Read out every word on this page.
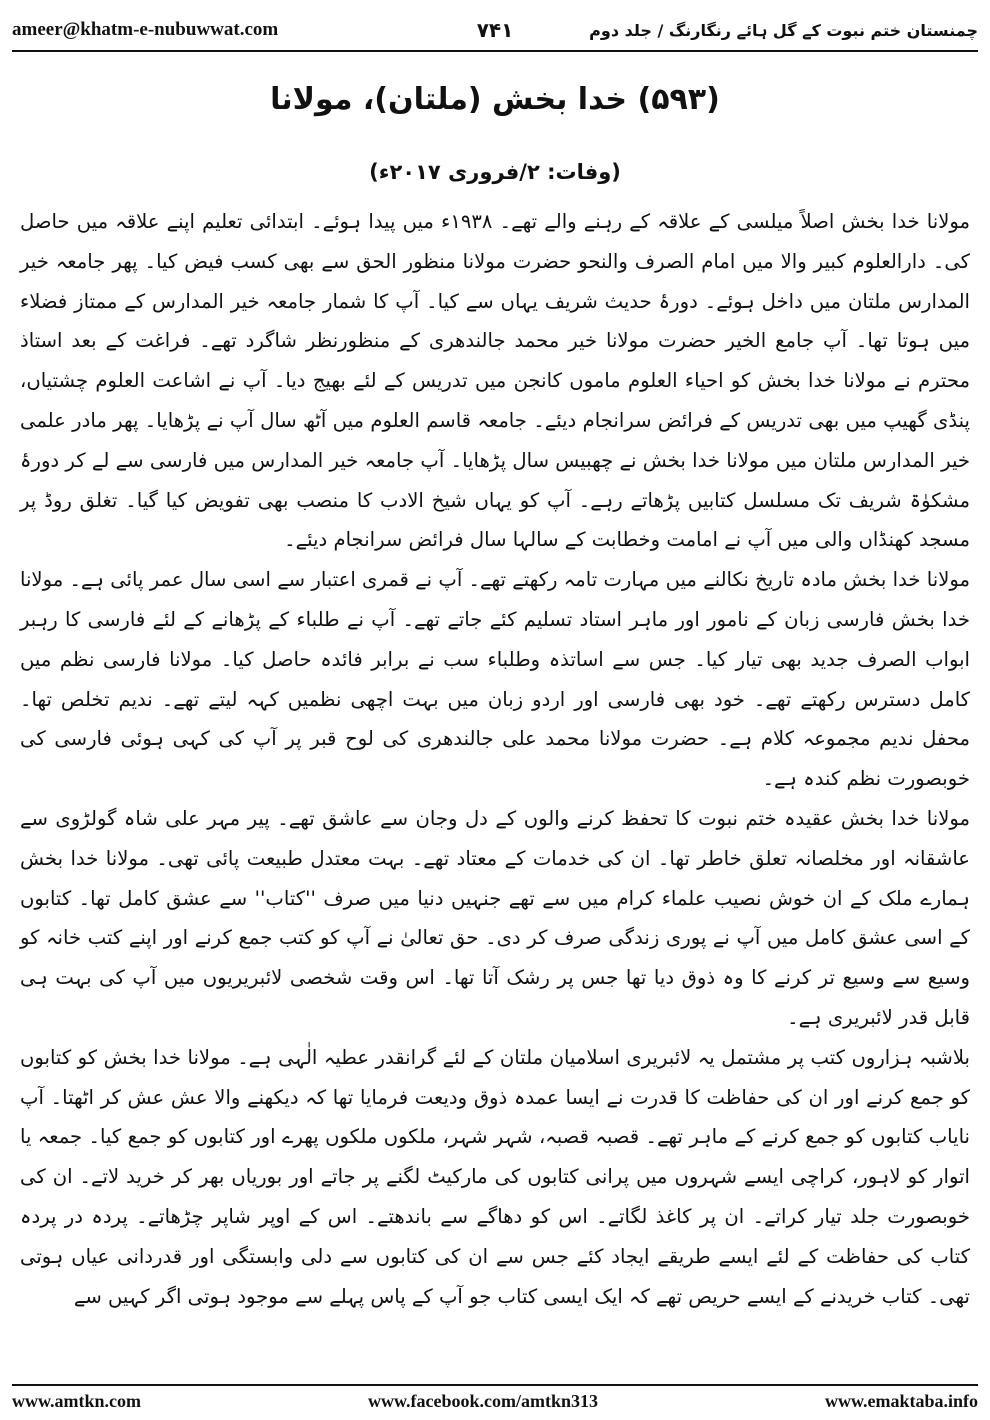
ameer@khatm-e-nubuwwat.com	۷۴۱	چمنستان ختم نبوت کے گل ہائے رنگارنگ / جلد دوم
(۵۹۳) خدا بخش (ملتان)، مولانا
(وفات: ۲/فروری ۲۰۱۷ء)

مولانا خدا بخش اصلاً میلسی کے علاقہ کے رہنے والے تھے۔ ۱۹۳۸ء میں پیدا ہوئے۔ ابتدائی تعلیم اپنے علاقہ میں حاصل کی۔ دارالعلوم کبیر والا میں امام الصرف والنحو حضرت مولانا منظور الحق سے بھی کسب فیض کیا۔ پھر جامعہ خیر المدارس ملتان میں داخل ہوئے۔ دورۂ حدیث شریف یہاں سے کیا۔ آپ کا شمار جامعہ خیر المدارس کے ممتاز فضلاء میں ہوتا تھا۔ آپ جامع الخیر حضرت مولانا خیر محمد جالندھری کے منظورنظر شاگرد تھے۔ فراغت کے بعد استاذ محترم نے مولانا خدا بخش کو احیاء العلوم ماموں کانجن میں تدریس کے لئے بھیج دیا۔ آپ نے اشاعت العلوم چشتیاں، پنڈی گھیپ میں بھی تدریس کے فرائض سرانجام دیئے۔ جامعہ قاسم العلوم میں آٹھ سال آپ نے پڑھایا۔ پھر مادر علمی خیر المدارس ملتان میں مولانا خدا بخش نے چھبیس سال پڑھایا۔ آپ جامعہ خیر المدارس میں فارسی سے لے کر دورۂ مشکوٰۃ شریف تک مسلسل کتابیں پڑھاتے رہے۔ آپ کو یہاں شیخ الادب کا منصب بھی تفویض کیا گیا۔ تغلق روڈ پر مسجد کھنڈاں والی میں آپ نے امامت وخطابت کے سالہا سال فرائض سرانجام دیئے۔

مولانا خدا بخش مادہ تاریخ نکالنے میں مہارت تامہ رکھتے تھے۔ آپ نے قمری اعتبار سے اسی سال عمر پائی ہے۔ مولانا خدا بخش فارسی زبان کے نامور اور ماہر استاد تسلیم کئے جاتے تھے۔ آپ نے طلباء کے پڑھانے کے لئے فارسی کا رہبر ابواب الصرف جدید بھی تیار کیا۔ جس سے اساتذہ وطلباء سب نے برابر فائدہ حاصل کیا۔ مولانا فارسی نظم میں کامل دسترس رکھتے تھے۔ خود بھی فارسی اور اردو زبان میں بہت اچھی نظمیں کہہ لیتے تھے۔ ندیم تخلص تھا۔ محفل ندیم مجموعہ کلام ہے۔ حضرت مولانا محمد علی جالندھری کی لوح قبر پر آپ کی کہی ہوئی فارسی کی خوبصورت نظم کندہ ہے۔

مولانا خدا بخش عقیدہ ختم نبوت کا تحفظ کرنے والوں کے دل وجان سے عاشق تھے۔ پیر مہر علی شاہ گولڑوی سے عاشقانہ اور مخلصانہ تعلق خاطر تھا۔ ان کی خدمات کے معتاد تھے۔ بہت معتدل طبیعت پائی تھی۔ مولانا خدا بخش ہمارے ملک کے ان خوش نصیب علماء کرام میں سے تھے جنہیں دنیا میں صرف ''کتاب'' سے عشق کامل تھا۔ کتابوں کے اسی عشق کامل میں آپ نے پوری زندگی صرف کر دی۔ حق تعالیٰ نے آپ کو کتب جمع کرنے اور اپنے کتب خانہ کو وسیع سے وسیع تر کرنے کا وہ ذوق دیا تھا جس پر رشک آتا تھا۔ اس وقت شخصی لائبریریوں میں آپ کی بہت ہی قابل قدر لائبریری ہے۔

بلاشبہ ہزاروں کتب پر مشتمل یہ لائبریری اسلامیان ملتان کے لئے گرانقدر عطیہ الٰہی ہے۔ مولانا خدا بخش کو کتابوں کو جمع کرنے اور ان کی حفاظت کا قدرت نے ایسا عمدہ ذوق ودیعت فرمایا تھا کہ دیکھنے والا عش عش کر اٹھتا۔ آپ نایاب کتابوں کو جمع کرنے کے ماہر تھے۔ قصبہ قصبہ، شہر شہر، ملکوں ملکوں پھرے اور کتابوں کو جمع کیا۔ جمعہ یا اتوار کو لاہور، کراچی ایسے شہروں میں پرانی کتابوں کی مارکیٹ لگنے پر جاتے اور بوریاں بھر کر خرید لاتے۔ ان کی خوبصورت جلد تیار کراتے۔ ان پر کاغذ لگاتے۔ اس کو دھاگے سے باندھتے۔ اس کے اوپر شاپر چڑھاتے۔ پردہ در پردہ کتاب کی حفاظت کے لئے ایسے طریقے ایجاد کئے جس سے ان کی کتابوں سے دلی وابستگی اور قدردانی عیاں ہوتی تھی۔ کتاب خریدنے کے ایسے حریص تھے کہ ایک ایسی کتاب جو آپ کے پاس پہلے سے موجود ہوتی اگر کہیں سے

www.amtkn.com	www.facebook.com/amtkn313	www.emaktaba.info
